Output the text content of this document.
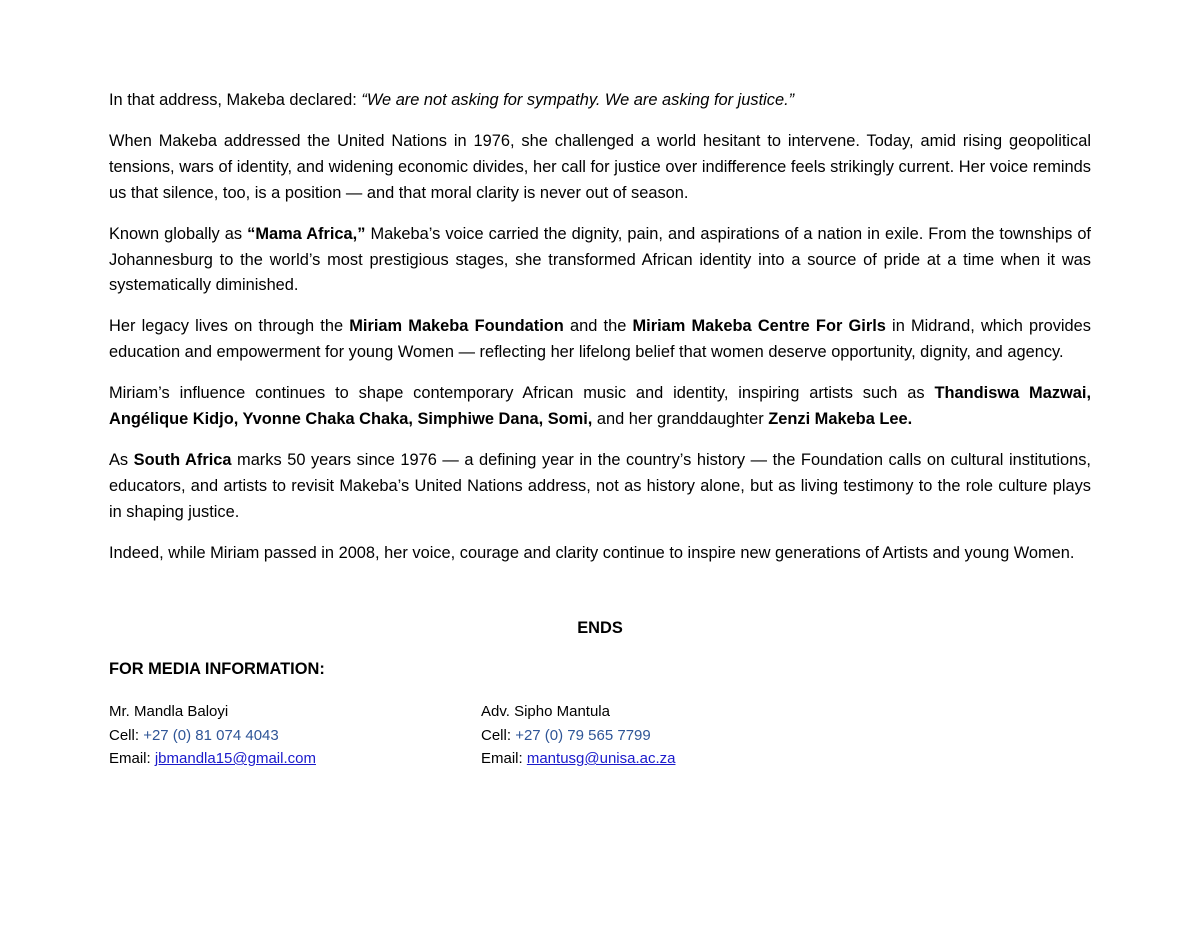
In that address, Makeba declared: “We are not asking for sympathy. We are asking for justice.”

When Makeba addressed the United Nations in 1976, she challenged a world hesitant to intervene. Today, amid rising geopolitical tensions, wars of identity, and widening economic divides, her call for justice over indifference feels strikingly current. Her voice reminds us that silence, too, is a position — and that moral clarity is never out of season.

Known globally as “Mama Africa,” Makeba’s voice carried the dignity, pain, and aspirations of a nation in exile. From the townships of Johannesburg to the world’s most prestigious stages, she transformed African identity into a source of pride at a time when it was systematically diminished.

Her legacy lives on through the Miriam Makeba Foundation and the Miriam Makeba Centre For Girls in Midrand, which provides education and empowerment for young Women — reflecting her lifelong belief that women deserve opportunity, dignity, and agency.

Miriam’s influence continues to shape contemporary African music and identity, inspiring artists such as Thandiswa Mazwai, Angélique Kidjo, Yvonne Chaka Chaka, Simphiwe Dana, Somi, and her granddaughter Zenzi Makeba Lee.

As South Africa marks 50 years since 1976 — a defining year in the country’s history — the Foundation calls on cultural institutions, educators, and artists to revisit Makeba’s United Nations address, not as history alone, but as living testimony to the role culture plays in shaping justice.

Indeed, while Miriam passed in 2008, her voice, courage and clarity continue to inspire new generations of Artists and young Women.

ENDS
FOR MEDIA INFORMATION:
Mr. Mandla Baloyi
Cell: +27 (0) 81 074 4043
Email: jbmandla15@gmail.com
Adv. Sipho Mantula
Cell: +27 (0) 79 565 7799
Email: mantusg@unisa.ac.za
